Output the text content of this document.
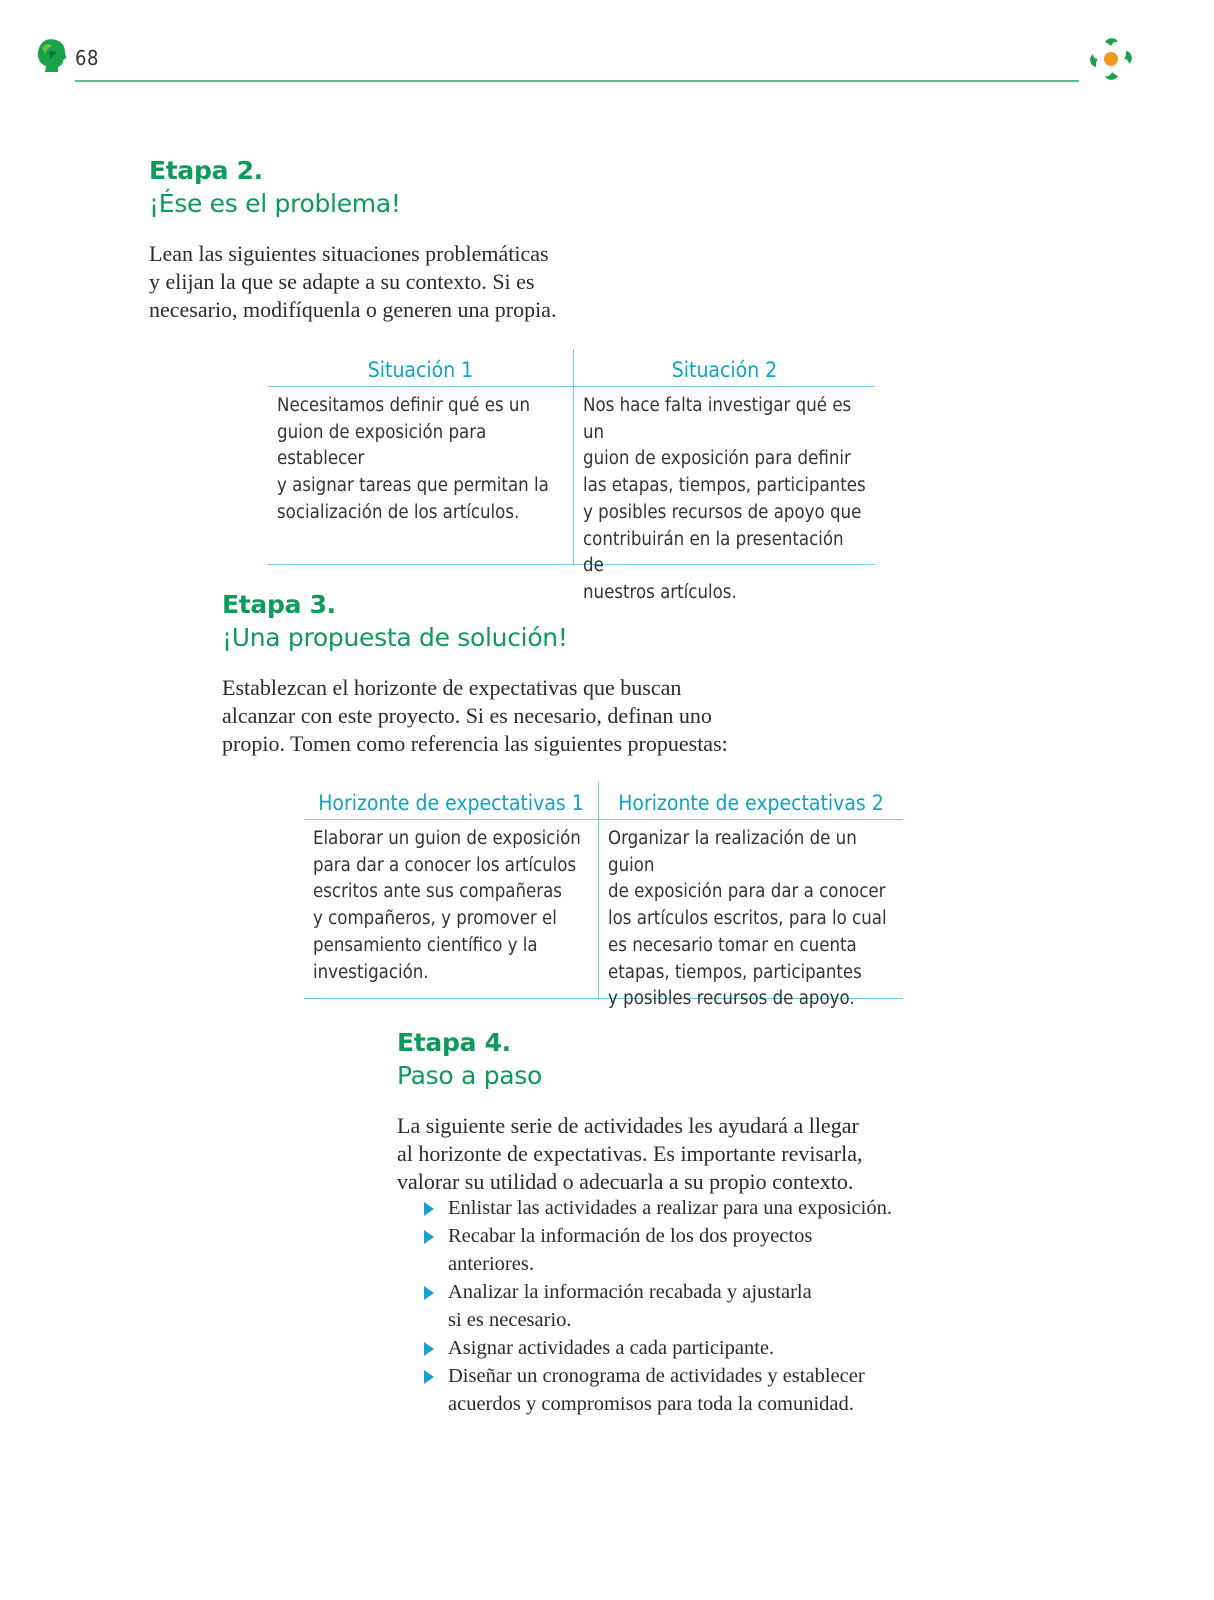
68
Etapa 2.
¡Ése es el problema!

Lean las siguientes situaciones problemáticas
y elijan la que se adapte a su contexto. Si es
necesario, modifíquenla o generen una propia.

Situación 1
Necesitamos definir qué es un
guion de exposición para establecer
y asignar tareas que permitan la
socialización de los artículos.
Situación 2
Nos hace falta investigar qué es un
guion de exposición para definir
las etapas, tiempos, participantes
y posibles recursos de apoyo que
contribuirán en la presentación de
nuestros artículos.
Etapa 3.
¡Una propuesta de solución!

Establezcan el horizonte de expectativas que buscan
alcanzar con este proyecto. Si es necesario, definan uno
propio. Tomen como referencia las siguientes propuestas:

Horizonte de expectativas 1
Elaborar un guion de exposición
para dar a conocer los artículos
escritos ante sus compañeras
y compañeros, y promover el
pensamiento científico y la
investigación.
Horizonte de expectativas 2
Organizar la realización de un guion
de exposición para dar a conocer
los artículos escritos, para lo cual
es necesario tomar en cuenta
etapas, tiempos, participantes
y posibles recursos de apoyo.
Etapa 4.
Paso a paso

La siguiente serie de actividades les ayudará a llegar
al horizonte de expectativas. Es importante revisarla,
valorar su utilidad o adecuarla a su propio contexto.

Enlistar las actividades a realizar para una exposición.
Recabar la información de los dos proyectos
anteriores.
Analizar la información recabada y ajustarla
si es necesario.
Asignar actividades a cada participante.
Diseñar un cronograma de actividades y establecer
acuerdos y compromisos para toda la comunidad.
